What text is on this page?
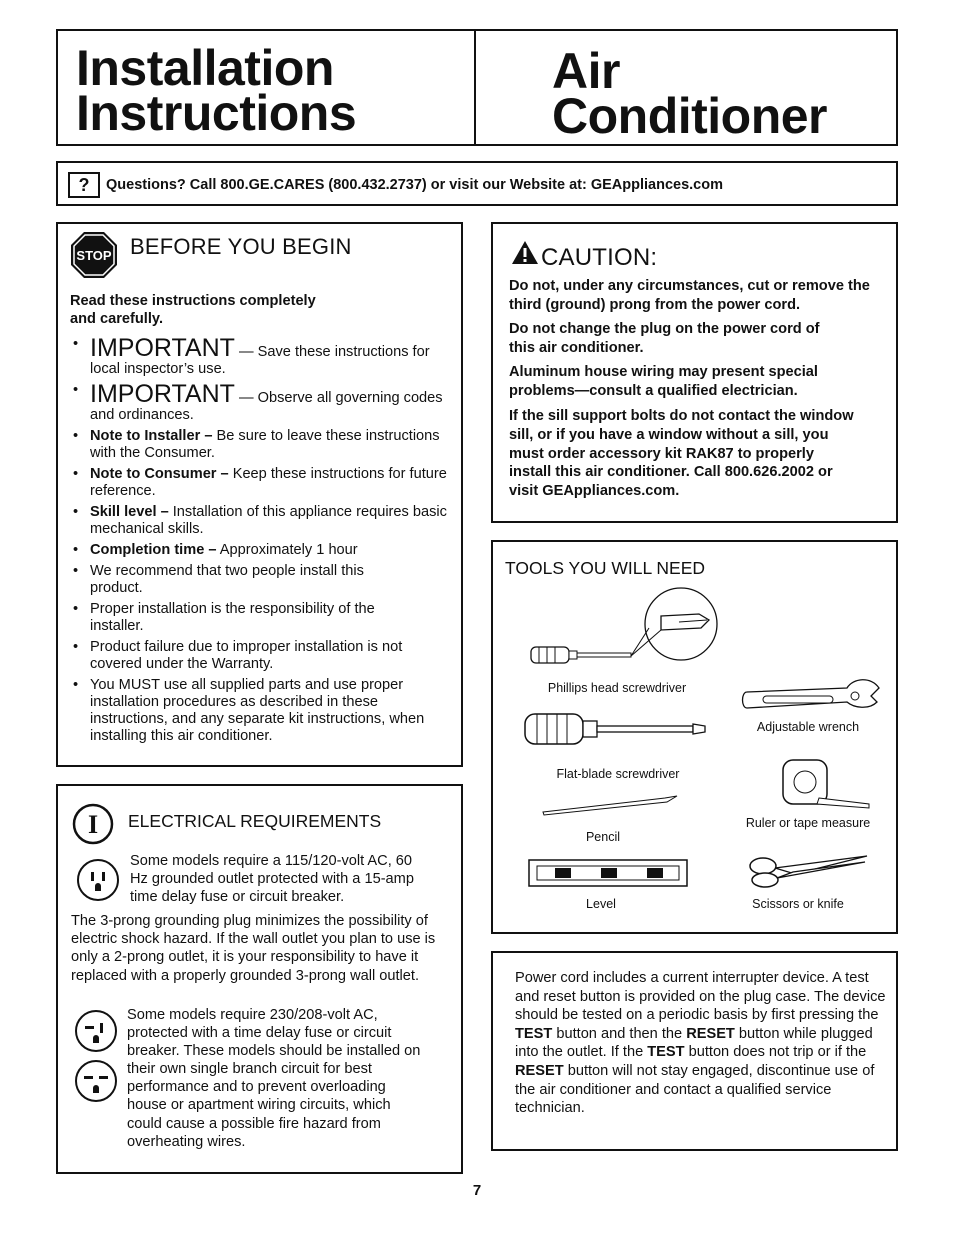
Installation
Instructions
Air Conditioner
?	Questions? Call 800.GE.CARES (800.432.2737) or visit our Website at: GEAppliances.com
STOP BEFORE YOU BEGIN
Read these instructions completely
and carefully.
• IMPORTANT — Save these instructions for local inspector’s use.
• IMPORTANT — Observe all governing codes and ordinances.
• Note to Installer – Be sure to leave these instructions with the Consumer.
• Note to Consumer – Keep these instructions for future reference.
• Skill level – Installation of this appliance requires basic mechanical skills.
• Completion time – Approximately 1 hour
• We recommend that two people install this product.
• Proper installation is the responsibility of the installer.
• Product failure due to improper installation is not covered under the Warranty.
• You MUST use all supplied parts and use proper installation procedures as described in these instructions, and any separate kit instructions, when installing this air conditioner.
I ELECTRICAL REQUIREMENTS
Some models require a 115/120-volt AC, 60 Hz grounded outlet protected with a 15-amp time delay fuse or circuit breaker.
The 3-prong grounding plug minimizes the possibility of electric shock hazard. If the wall outlet you plan to use is only a 2-prong outlet, it is your responsibility to have it replaced with a properly grounded 3-prong wall outlet.
Some models require 230/208-volt AC, protected with a time delay fuse or circuit breaker. These models should be installed on their own single branch circuit for best performance and to prevent overloading house or apartment wiring circuits, which could cause a possible fire hazard from overheating wires.
CAUTION:
Do not, under any circumstances, cut or remove the third (ground) prong from the power cord.
Do not change the plug on the power cord of this air conditioner.
Aluminum house wiring may present special problems—consult a qualified electrician.
If the sill support bolts do not contact the window sill, or if you have a window without a sill, you must order accessory kit RAK87 to properly install this air conditioner. Call 800.626.2002 or visit GEAppliances.com.
TOOLS YOU WILL NEED
Phillips head screwdriver
Adjustable wrench
Flat-blade screwdriver
Ruler or tape measure
Pencil
Level	Scissors or knife
Power cord includes a current interrupter device. A test and reset button is provided on the plug case. The device should be tested on a periodic basis by first pressing the TEST button and then the RESET button while plugged into the outlet. If the TEST button does not trip or if the RESET button will not stay engaged, discontinue use of the air conditioner and contact a qualified service technician.
7
